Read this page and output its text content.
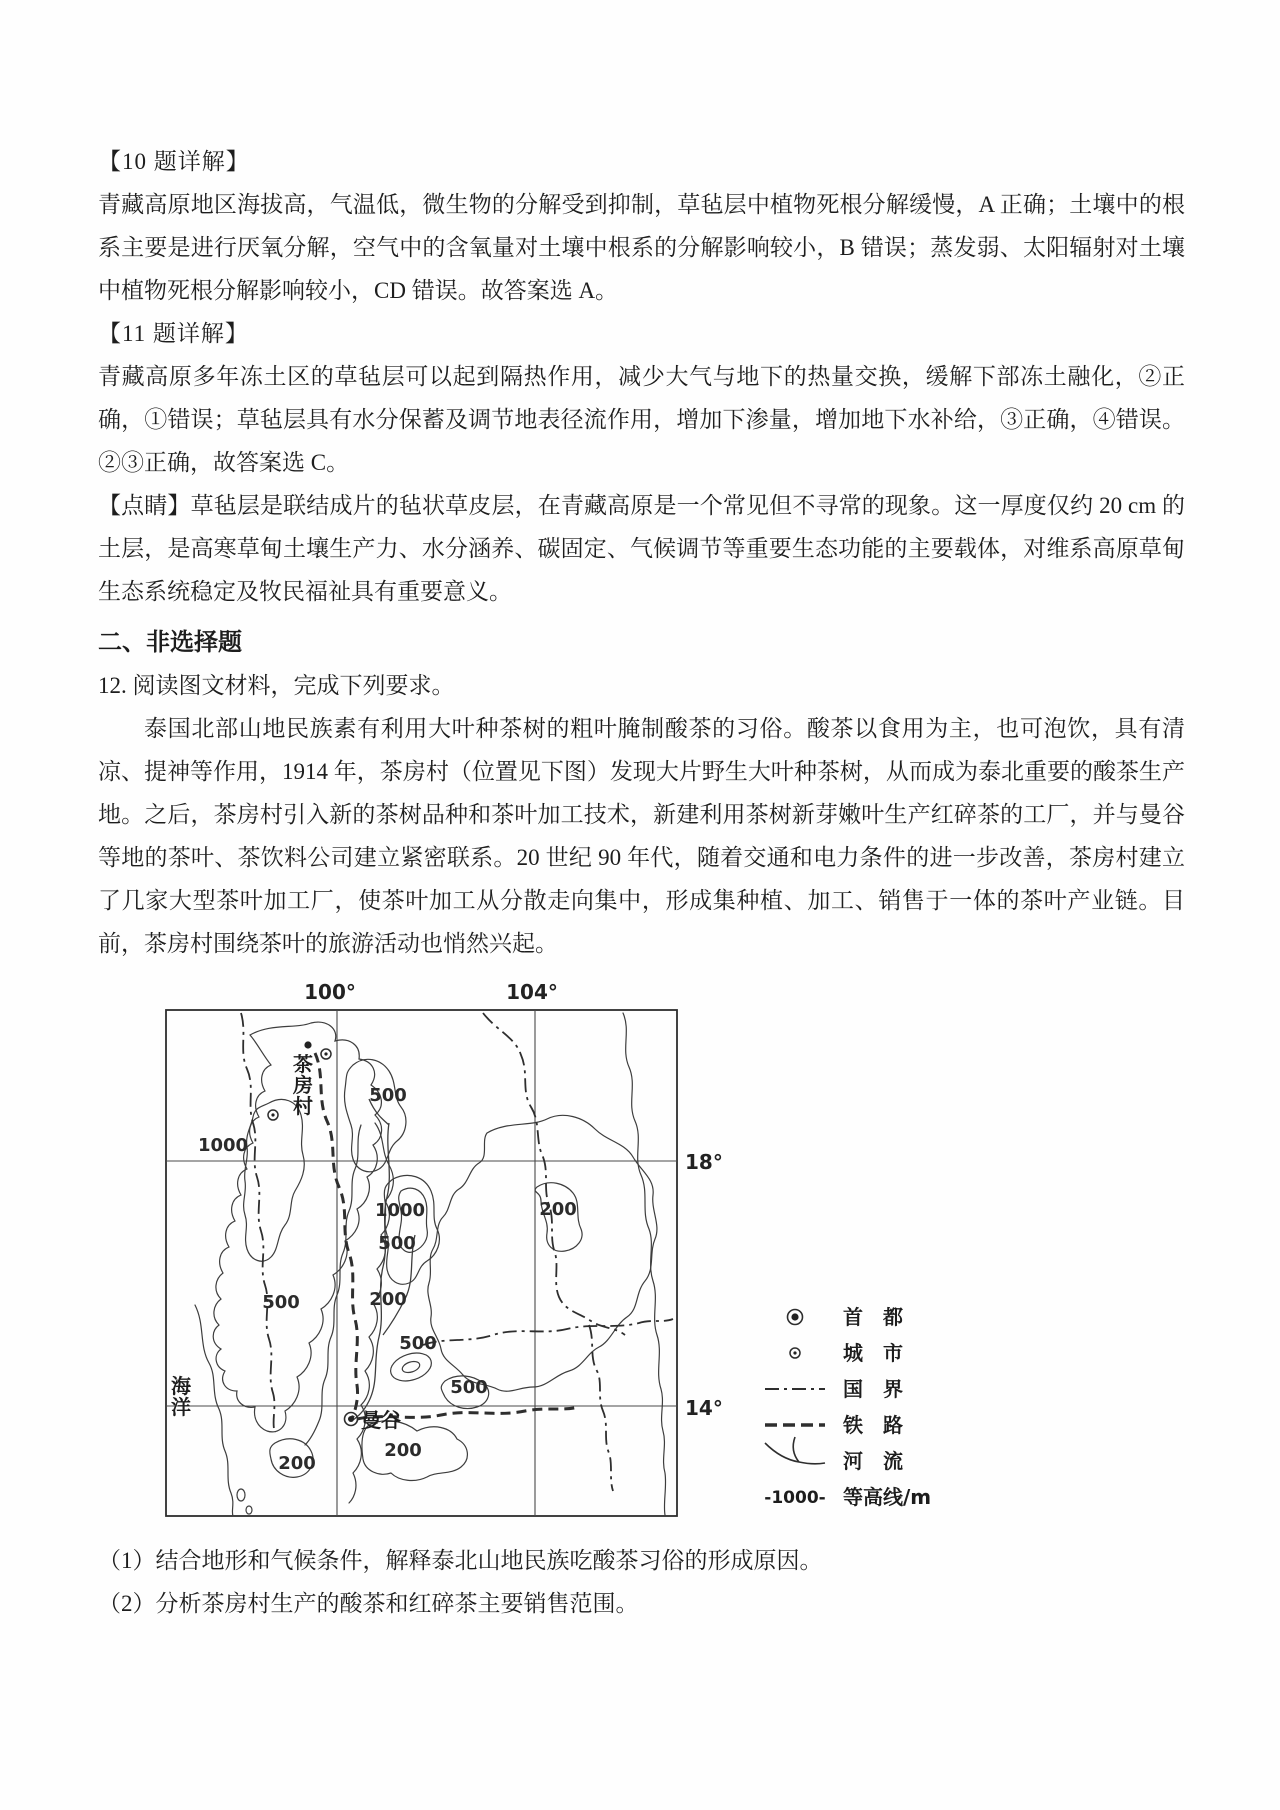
【10 题详解】

青藏高原地区海拔高，气温低，微生物的分解受到抑制，草毡层中植物死根分解缓慢，A 正确；土壤中的根系主要是进行厌氧分解，空气中的含氧量对土壤中根系的分解影响较小，B 错误；蒸发弱、太阳辐射对土壤中植物死根分解影响较小，CD 错误。故答案选 A。

【11 题详解】

青藏高原多年冻土区的草毡层可以起到隔热作用，减少大气与地下的热量交换，缓解下部冻土融化，②正确，①错误；草毡层具有水分保蓄及调节地表径流作用，增加下渗量，增加地下水补给，③正确，④错误。②③正确，故答案选 C。

【点睛】草毡层是联结成片的毡状草皮层，在青藏高原是一个常见但不寻常的现象。这一厚度仅约 20 cm 的土层，是高寒草甸土壤生产力、水分涵养、碳固定、气候调节等重要生态功能的主要载体，对维系高原草甸生态系统稳定及牧民福祉具有重要意义。

二、非选择题

12. 阅读图文材料，完成下列要求。

泰国北部山地民族素有利用大叶种茶树的粗叶腌制酸茶的习俗。酸茶以食用为主，也可泡饮，具有清凉、提神等作用，1914 年，茶房村（位置见下图）发现大片野生大叶种茶树，从而成为泰北重要的酸茶生产地。之后，茶房村引入新的茶树品种和茶叶加工技术，新建利用茶树新芽嫩叶生产红碎茶的工厂，并与曼谷等地的茶叶、茶饮料公司建立紧密联系。20 世纪 90 年代，随着交通和电力条件的进一步改善，茶房村建立了几家大型茶叶加工厂，使茶叶加工从分散走向集中，形成集种植、加工、销售于一体的茶叶产业链。目前，茶房村围绕茶叶的旅游活动也悄然兴起。

100°	104°
18°
14°
茶房村
曼谷
海洋
1000
500
1000
500
200
200
500
500
500
200
200
首　都
城　市
国　界
铁　路
河　流
-1000- 等高线/m

（1）结合地形和气候条件，解释泰北山地民族吃酸茶习俗的形成原因。

（2）分析茶房村生产的酸茶和红碎茶主要销售范围。
